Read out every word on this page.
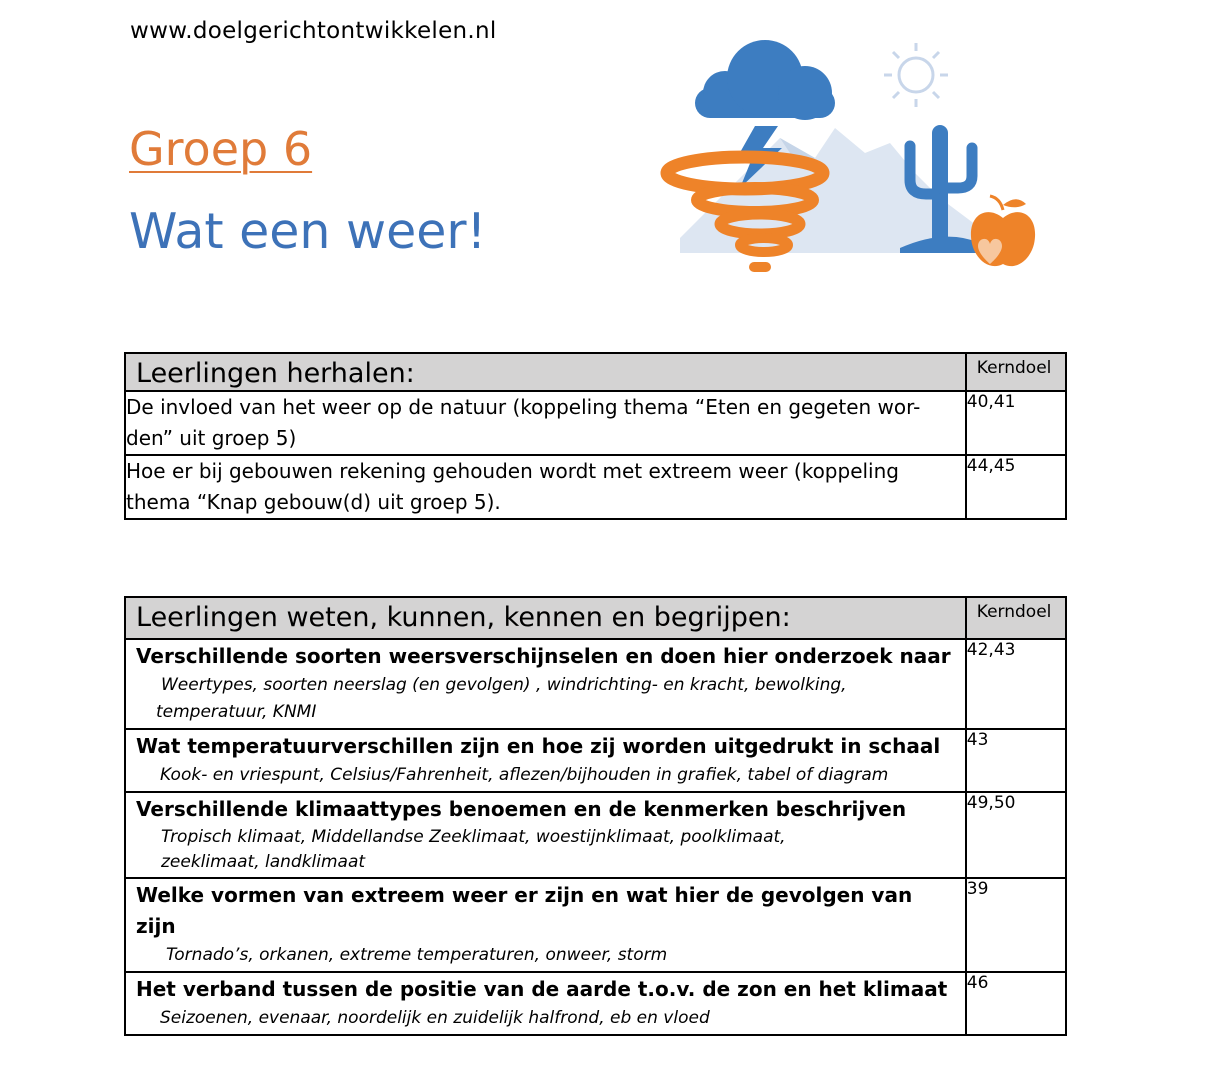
www.doelgerichtontwikkelen.nl
Groep 6
Wat een weer!
Leerlingen herhalen:	Kerndoel

De invloed van het weer op de natuur (koppeling thema “Eten en gegeten wor-
den” uit groep 5)	40,41

Hoe er bij gebouwen rekening gehouden wordt met extreem weer (koppeling
thema “Knap gebouw(d) uit groep 5).	44,45
Leerlingen weten, kunnen, kennen en begrijpen:	Kerndoel

Verschillende soorten weersverschijnselen en doen hier onderzoek naar
Weertypes, soorten neerslag (en gevolgen) , windrichting- en kracht, bewolking,
temperatuur, KNMI	42,43

Wat temperatuurverschillen zijn en hoe zij worden uitgedrukt in schaal
Kook- en vriespunt, Celsius/Fahrenheit, aflezen/bijhouden in grafiek, tabel of diagram	43

Verschillende klimaattypes benoemen en de kenmerken beschrijven
Tropisch klimaat, Middellandse Zeeklimaat, woestijnklimaat, poolklimaat,
zeeklimaat, landklimaat	49,50

Welke vormen van extreem weer er zijn en wat hier de gevolgen van zijn
Tornado’s, orkanen, extreme temperaturen, onweer, storm	39

Het verband tussen de positie van de aarde t.o.v. de zon en het klimaat
Seizoenen, evenaar, noordelijk en zuidelijk halfrond, eb en vloed	46
